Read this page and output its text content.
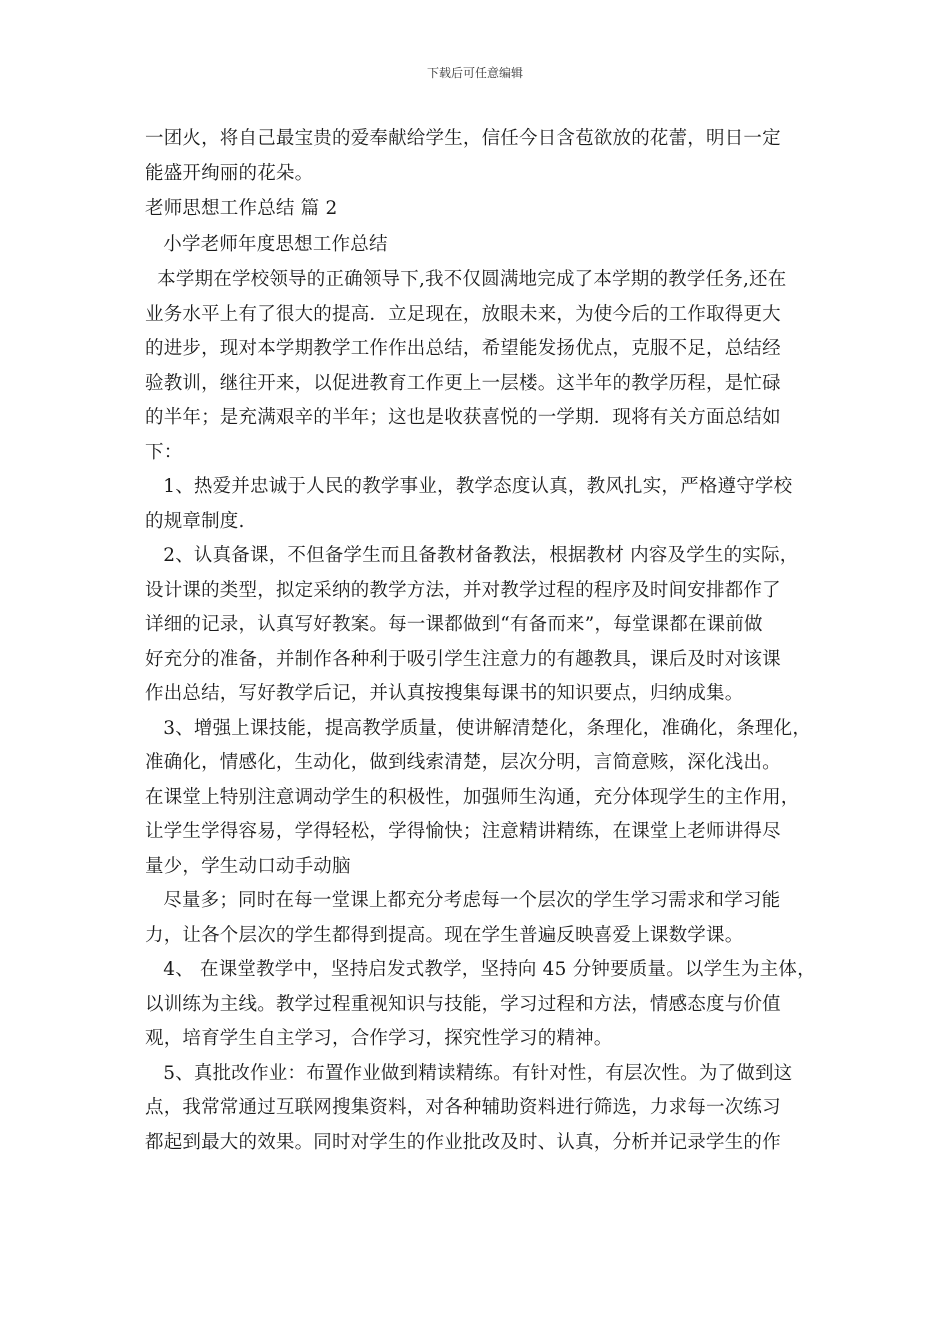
下载后可任意编辑
一团火，将自己最宝贵的爱奉献给学生，信任今日含苞欲放的花蕾，明日一定
能盛开绚丽的花朵。
老师思想工作总结 篇 2
小学老师年度思想工作总结
本学期在学校领导的正确领导下,我不仅圆满地完成了本学期的教学任务,还在
业务水平上有了很大的提高．立足现在，放眼未来，为使今后的工作取得更大
的进步，现对本学期教学工作作出总结，希望能发扬优点，克服不足，总结经
验教训，继往开来，以促进教育工作更上一层楼。这半年的教学历程，是忙碌
的半年；是充满艰辛的半年；这也是收获喜悦的一学期．现将有关方面总结如
下：
1、热爱并忠诚于人民的教学事业，教学态度认真，教风扎实，严格遵守学校
的规章制度.
2、认真备课，不但备学生而且备教材备教法，根据教材 内容及学生的实际，
设计课的类型，拟定采纳的教学方法，并对教学过程的程序及时间安排都作了
详细的记录，认真写好教案。每一课都做到“有备而来”，每堂课都在课前做
好充分的准备，并制作各种利于吸引学生注意力的有趣教具，课后及时对该课
作出总结，写好教学后记，并认真按搜集每课书的知识要点，归纳成集。
3、增强上课技能，提高教学质量，使讲解清楚化，条理化，准确化，条理化，
准确化，情感化，生动化，做到线索清楚，层次分明，言简意赅，深化浅出。
在课堂上特别注意调动学生的积极性，加强师生沟通，充分体现学生的主作用，
让学生学得容易，学得轻松，学得愉快；注意精讲精练，在课堂上老师讲得尽
量少，学生动口动手动脑
尽量多；同时在每一堂课上都充分考虑每一个层次的学生学习需求和学习能
力，让各个层次的学生都得到提高。现在学生普遍反映喜爱上课数学课。
4、 在课堂教学中，坚持启发式教学，坚持向 45 分钟要质量。以学生为主体，
以训练为主线。教学过程重视知识与技能，学习过程和方法，情感态度与价值
观，培育学生自主学习，合作学习，探究性学习的精神。
5、真批改作业：布置作业做到精读精练。有针对性，有层次性。为了做到这
点，我常常通过互联网搜集资料，对各种辅助资料进行筛选，力求每一次练习
都起到最大的效果。同时对学生的作业批改及时、认真，分析并记录学生的作
